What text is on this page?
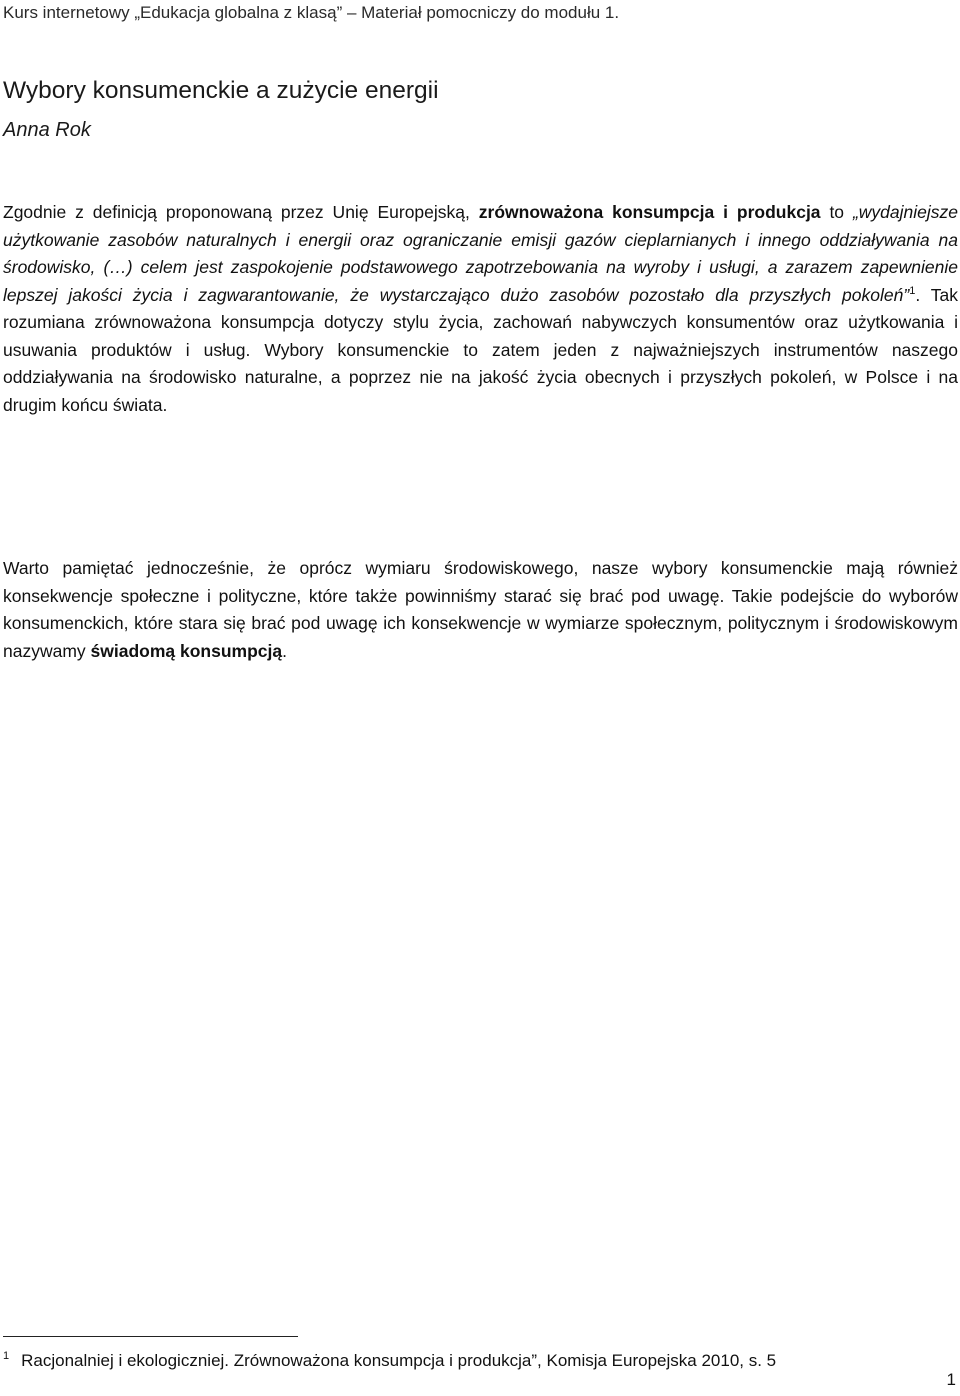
Kurs internetowy „Edukacja globalna z klasą” – Materiał pomocniczy do modułu 1.
Wybory konsumenckie a zużycie energii
Anna Rok

Zgodnie z definicją proponowaną przez Unię Europejską, zrównoważona konsumpcja i produkcja to „wydajniejsze użytkowanie zasobów naturalnych i energii oraz ograniczanie emisji gazów cieplarnianych i innego oddziaływania na środowisko, (…) celem jest zaspokojenie podstawowego zapotrzebowania na wyroby i usługi, a zarazem zapewnienie lepszej jakości życia i zagwarantowanie, że wystarczająco dużo zasobów pozostało dla przyszłych pokoleń”$^1$. Tak rozumiana zrównoważona konsumpcja dotyczy stylu życia, zachowań nabywczych konsumentów oraz użytkowania i usuwania produktów i usług. Wybory konsumenckie to zatem jeden z najważniejszych instrumentów naszego oddziaływania na środowisko naturalne, a poprzez nie na jakość życia obecnych i przyszłych pokoleń, w Polsce i na drugim końcu świata.

Warto pamiętać jednocześnie, że oprócz wymiaru środowiskowego, nasze wybory konsumenckie mają również konsekwencje społeczne i polityczne, które także powinniśmy starać się brać pod uwagę. Takie podejście do wyborów konsumenckich, które stara się brać pod uwagę ich konsekwencje w wymiarze społecznym, politycznym i środowiskowym nazywamy świadomą konsumpcją.

$^1$ Racjonalniej i ekologiczniej. Zrównoważona konsumpcja i produkcja”, Komisja Europejska 2010, s. 5
1
